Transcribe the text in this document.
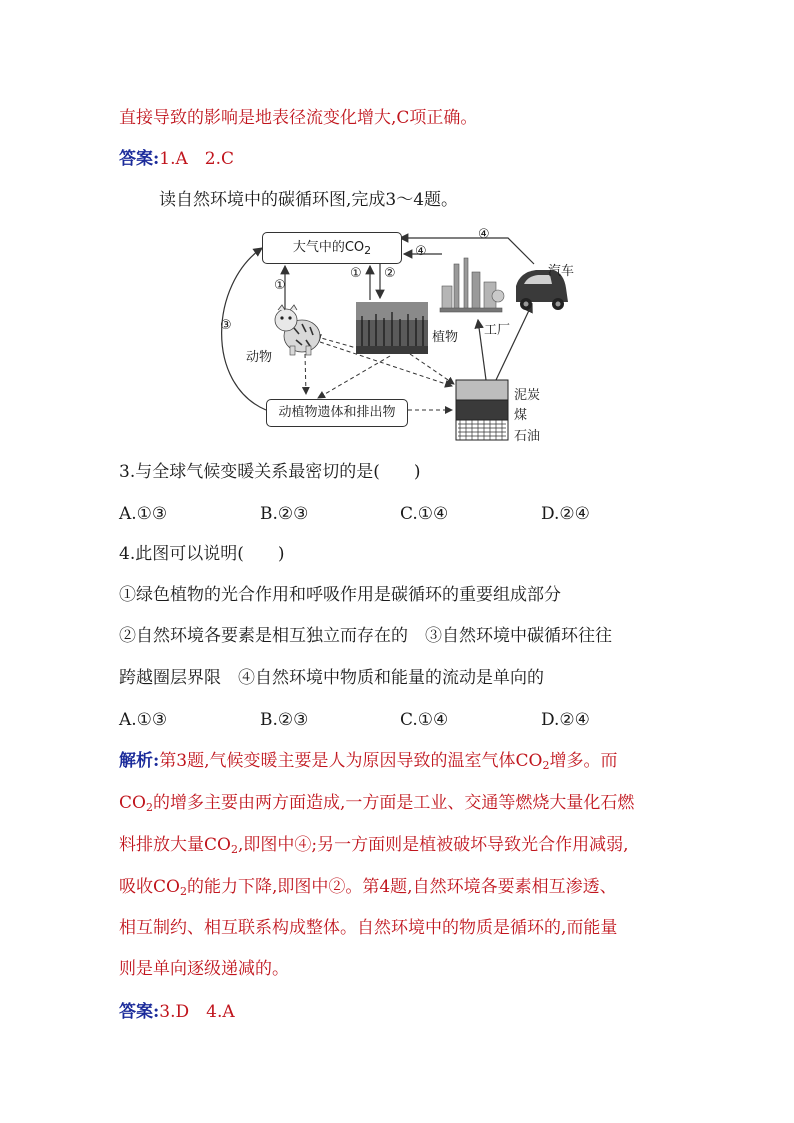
直接导致的影响是地表径流变化增大,C项正确。
答案:1.A　2.C
读自然环境中的碳循环图,完成3～4题。
大气中的$CO_2$
动植物遗体和排出物
汽车
工厂
植物
动物
泥炭
煤
石油
①
① ②
③
④
④
3.与全球气候变暖关系最密切的是(　　)
A.①③	B.②③	C.①④	D.②④
4.此图可以说明(　　)
①绿色植物的光合作用和呼吸作用是碳循环的重要组成部分
②自然环境各要素是相互独立而存在的　③自然环境中碳循环往往
跨越圈层界限　④自然环境中物质和能量的流动是单向的
A.①③	B.②③	C.①④	D.②④
解析:第3题,气候变暖主要是人为原因导致的温室气体$CO_2$增多。而
$CO_2$的增多主要由两方面造成,一方面是工业、交通等燃烧大量化石燃
料排放大量$CO_2$,即图中④;另一方面则是植被破坏导致光合作用减弱,
吸收$CO_2$的能力下降,即图中②。第4题,自然环境各要素相互渗透、
相互制约、相互联系构成整体。自然环境中的物质是循环的,而能量
则是单向逐级递减的。
答案:3.D　4.A
